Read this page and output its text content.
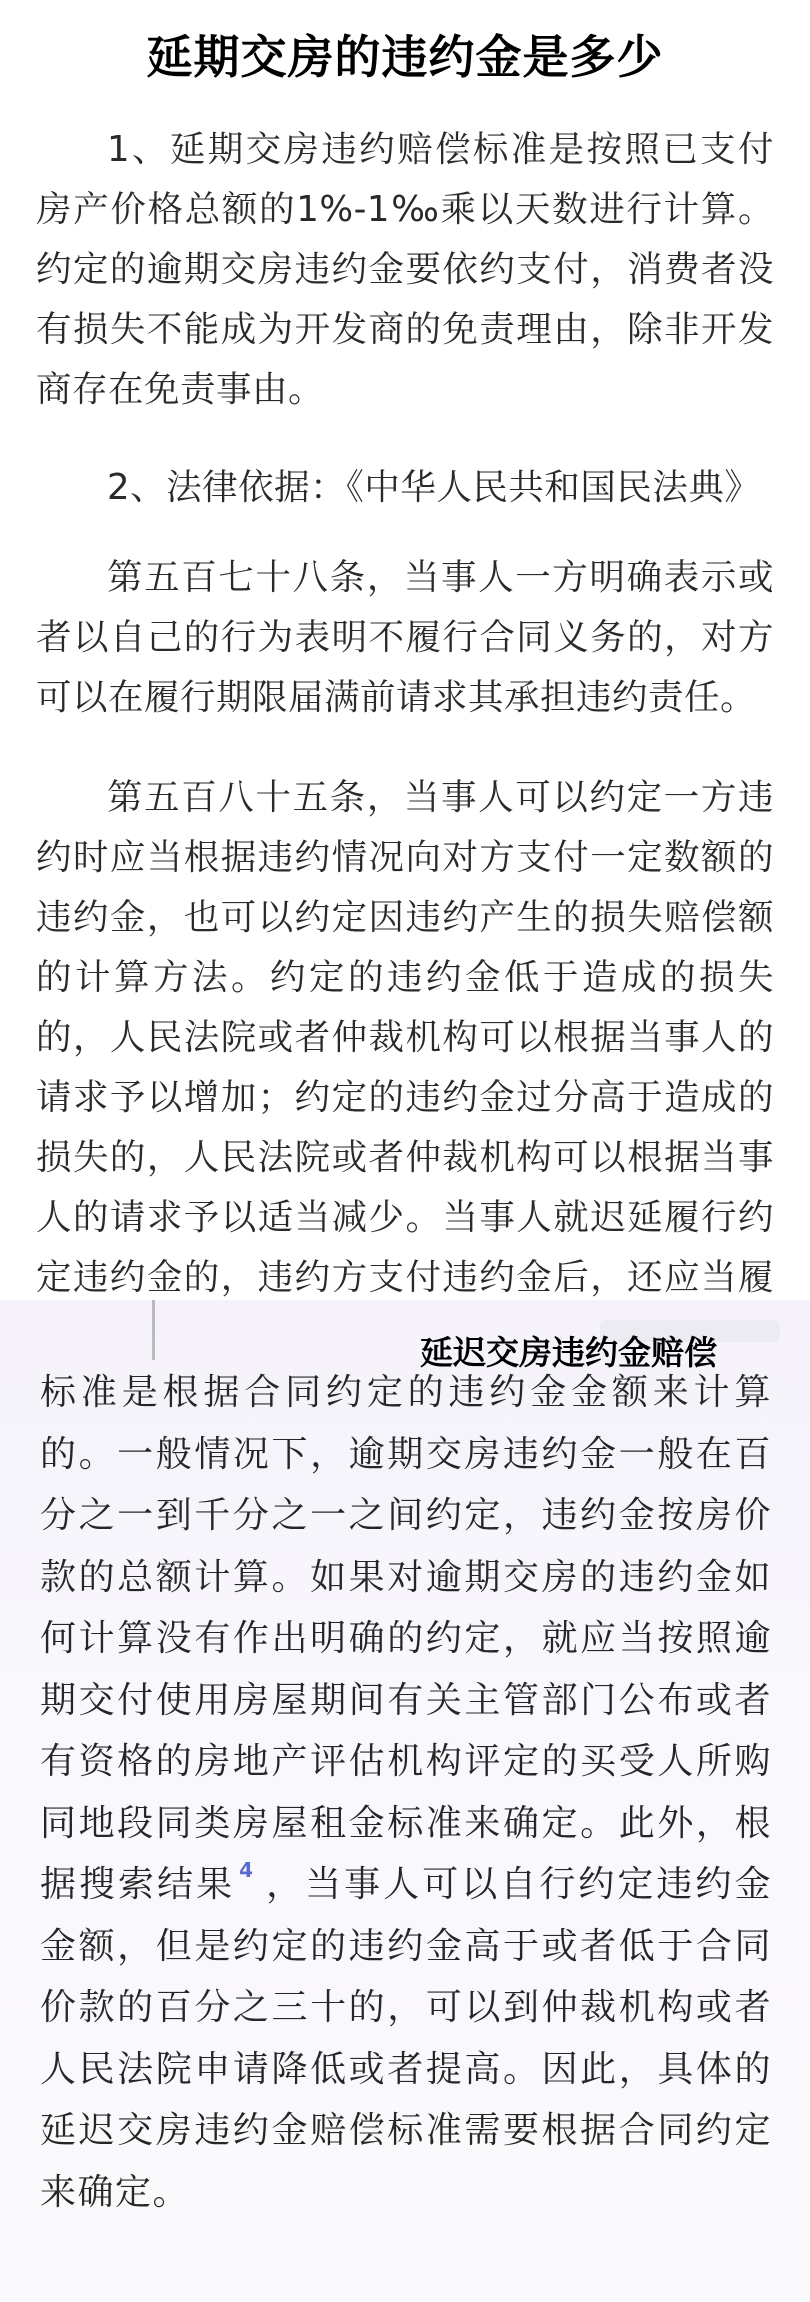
延期交房的违约金是多少
1、延期交房违约赔偿标准是按照已支付房产价格总额的1%-1‰乘以天数进行计算。约定的逾期交房违约金要依约支付，消费者没有损失不能成为开发商的免责理由，除非开发商存在免责事由。
2、法律依据：《中华人民共和国民法典》
第五百七十八条，当事人一方明确表示或者以自己的行为表明不履行合同义务的，对方可以在履行期限届满前请求其承担违约责任。
第五百八十五条，当事人可以约定一方违约时应当根据违约情况向对方支付一定数额的违约金，也可以约定因违约产生的损失赔偿额的计算方法。约定的违约金低于造成的损失的，人民法院或者仲裁机构可以根据当事人的请求予以增加；约定的违约金过分高于造成的损失的，人民法院或者仲裁机构可以根据当事人的请求予以适当减少。当事人就迟延履行约定违约金的，违约方支付违约金后，还应当履
标准是根据合同约定的违约金金额来计算的。一般情况下，逾期交房违约金一般在百分之一到千分之一之间约定，违约金按房价款的总额计算。如果对逾期交房的违约金如何计算没有作出明确的约定，就应当按照逾期交付使用房屋期间有关主管部门公布或者有资格的房地产评估机构评定的买受人所购同地段同类房屋租金标准来确定。此外，根据搜索结果 4 ，当事人可以自行约定违约金金额，但是约定的违约金高于或者低于合同价款的百分之三十的，可以到仲裁机构或者人民法院申请降低或者提高。因此，具体的延迟交房违约金赔偿标准需要根据合同约定来确定。
延迟交房违约金赔偿
